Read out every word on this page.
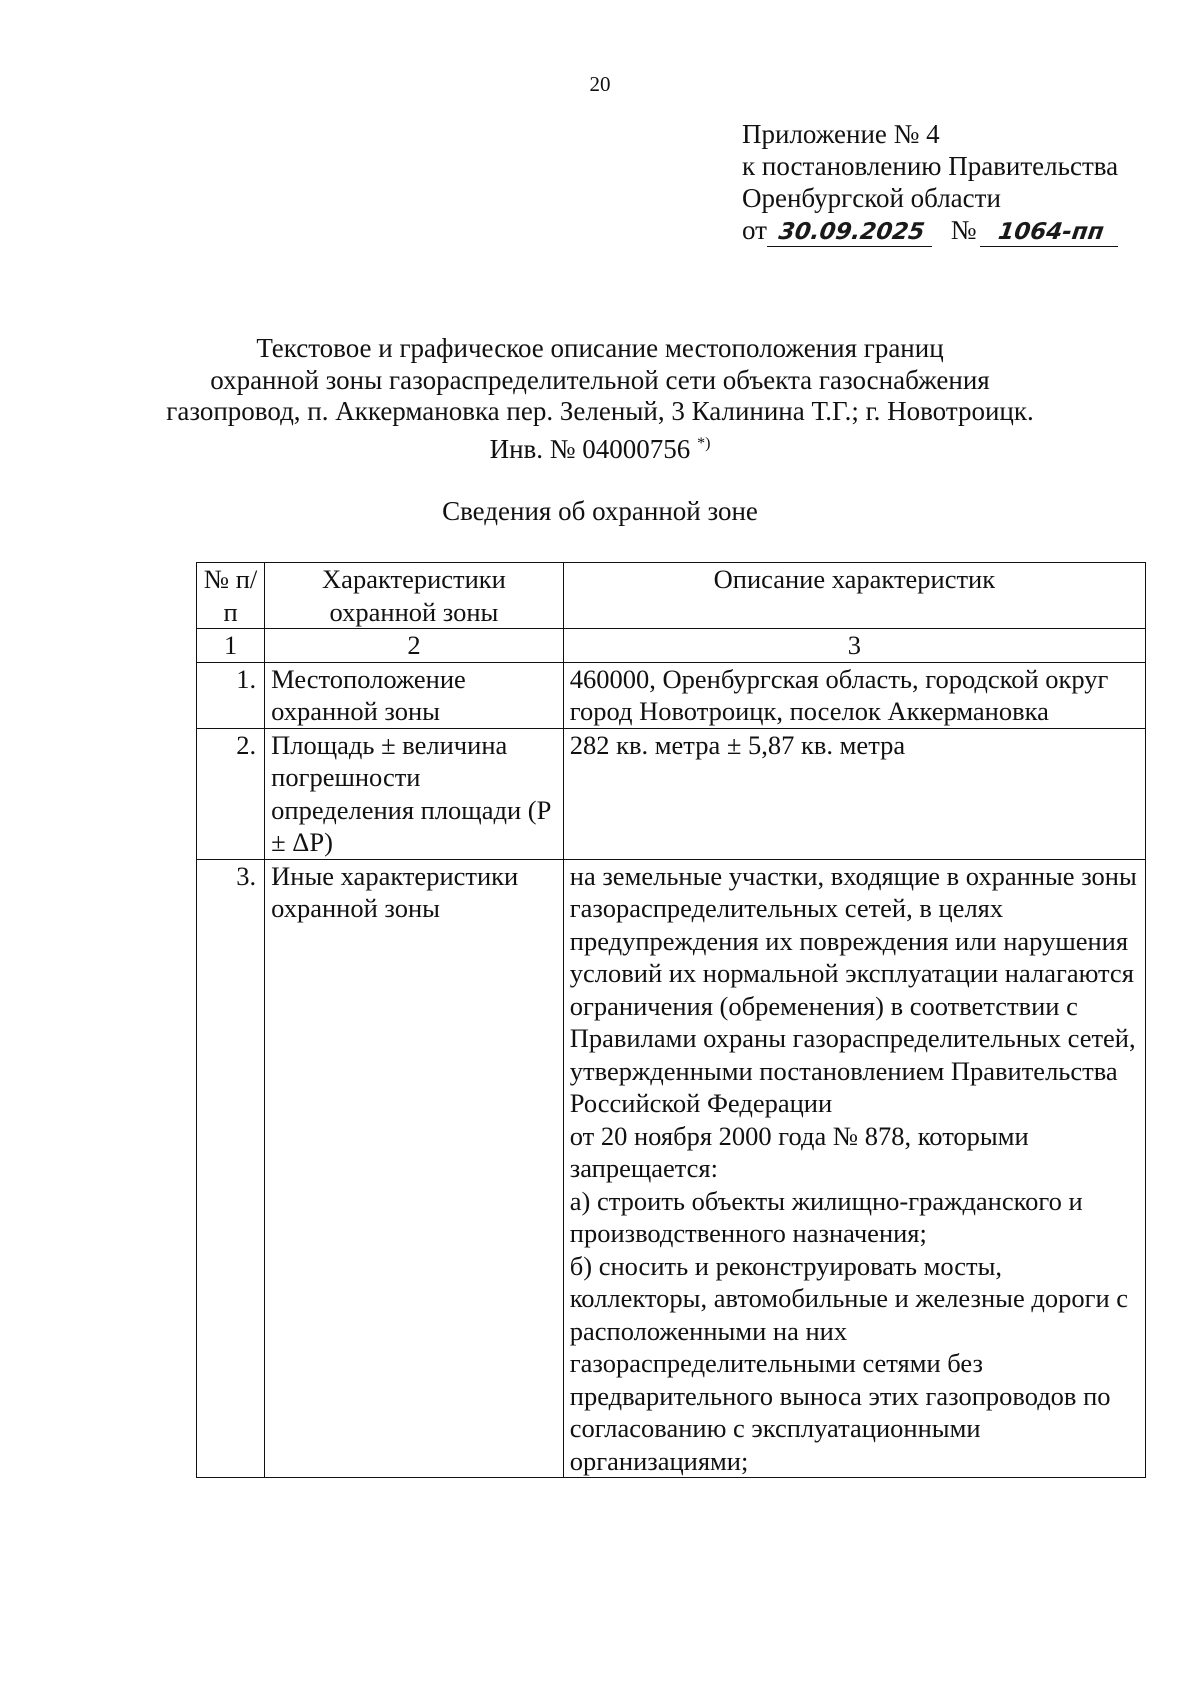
20
Приложение № 4
к постановлению Правительства
Оренбургской области
от 30.09.2025 № 1064-пп
Текстовое и графическое описание местоположения границ
охранной зоны газораспределительной сети объекта газоснабжения
газопровод, п. Аккермановка пер. Зеленый, 3 Калинина Т.Г.; г. Новотроицк.
Инв. № 04000756 *)
Сведения об охранной зоне
№ п/п	Характеристики охранной зоны	Описание характеристик
1	2	3
1.	Местоположение охранной зоны	460000, Оренбургская область, городской округ город Новотроицк, поселок Аккермановка
2.	Площадь ± величина погрешности определения площади (P ± ΔP)	282 кв. метра ± 5,87 кв. метра
3.	Иные характеристики охранной зоны	на земельные участки, входящие в охранные зоны газораспределительных сетей, в целях предупреждения их повреждения или нарушения условий их нормальной эксплуатации налагаются ограничения (обременения) в соответствии с Правилами охраны газораспределительных сетей, утвержденными постановлением Правительства Российской Федерации
от 20 ноября 2000 года № 878, которыми запрещается:
а) строить объекты жилищно-гражданского и производственного назначения;
б) сносить и реконструировать мосты, коллекторы, автомобильные и железные дороги с расположенными на них газораспределительными сетями без предварительного выноса этих газопроводов по согласованию с эксплуатационными организациями;
